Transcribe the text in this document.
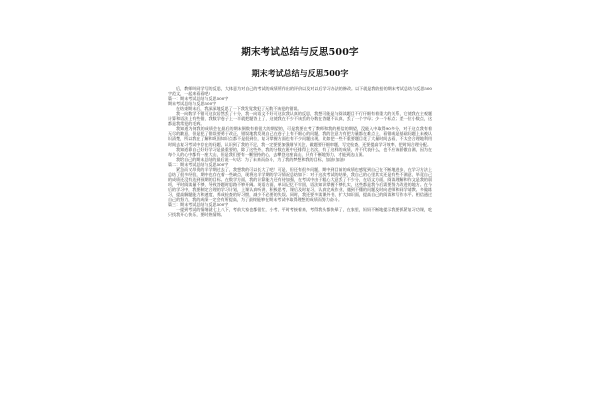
期末考试总结与反思500字
期末考试总结与反思500字

后，教师叫同学写的反思，大体意为对自己的考试的成绩所作出的评价以及对以后学习办法的修改。以下就是我收拾的期末考试总结与反思500字范文，一起来看看吧!

篇一：期末考试总结与反思500字

期末考试总结与反思500字

在结束期末后，我深深地反思了一下我发觉我犯了无数不该犯的错误。

我一向数学不错可这次居然丢了十分，我一向语文不好可这次我认真的反思，我想可能是与阅读题目不行仔细有着重大的关系，它使我在主观题计算和语法上有些错，我数学卷子上一半就把题答上了，这使我在不少不该丢的分数在答题不认真，丢了一个字母；少一个标点；差一位小数点，这都是我常犯的毛病。

我知道为何我的成绩会在最后的期末倒数有着很大的期望的，可是我要在考了教师和我的相信的期望，没能入中取得90多分，对于这点我有着无尽的歉意，但是犯了错误要勇于改正，错误地我发现自己在卷子上有不细心的问题，我的注意力有把力量都在难点上，看错或是基础问题上未被认识清楚，所以我在了解和巩固知识点都不是很到位，复习掌握方面也有不少问题出现，比如把一些不重要题目花了大量时间去看，不太会合理地利用时间去复习考试中存在的问题，认识到了我的不足，我一定要要加强细节关注，做题要仔细审题，写完检查，还要提高学习效率，把时间合理分配。

我知道靠自己好好学习是最重要的，除了这些外，我的分数在班中还排得上名次，有了这样的成绩，并不代表什么，也不应该骄傲自满，因为在每个人的心中都有一座大山，但是我们要有一颗坚持的心，去攀登这座高山，只有不断地努力，才能到达山顶。

我给自己的期末总结的最后说一句话：为了未来而奋斗，为了我的梦想和我的目标，加油!加油!

篇二：期末考试总结与反思500字

紧急而又昂贵的半学期过去了，我想我的可以长大了吧！可是，但还有很多问题，期中到目前的成绩也感觉到自己在不断地进步，在学习方法上总结了很多经验，期中也存在着一些缺点，现将这半学期的学习情况总结如下：对于这次考试的结果，我自己的心里其实还是有些不满意，毕竟自己的成绩还没有达到预期的目标。在数学方面，我的计算能力还有待加强，在考试中由于粗心大意丢了不少分，在语文方面，阅读理解和作文是我的弱项，平时阅读量不够，导致答题时思路不够开阔。英语方面，单词记忆不牢固，语法知识掌握不够扎实，这些都是我今后需要努力改进的地方。在今后的学习中，我要制定合理的学习计划，上课认真听讲，积极思考，课后及时复习，认真完成作业，遇到不懂的问题及时向老师和同学请教。多做练习，提高解题能力和速度，养成检查的好习惯，减少不必要的失误。同时，我还要多读课外书，扩大知识面，提高自己的阅读和写作水平。相信通过自己的努力，我的成绩一定会有所提高，为了最终能够在期末考试中取得理想的成绩而努力奋斗。

篇三：期末考试总结与反思500字

一提到考试的情绪就七上八下，考前大家也都很忙，小考、平时考接着来，考得我头都快晕了，在家里，妈妈不断地提示我要抓紧复习功课，吃只找我开心快乐，要时热情绵。
